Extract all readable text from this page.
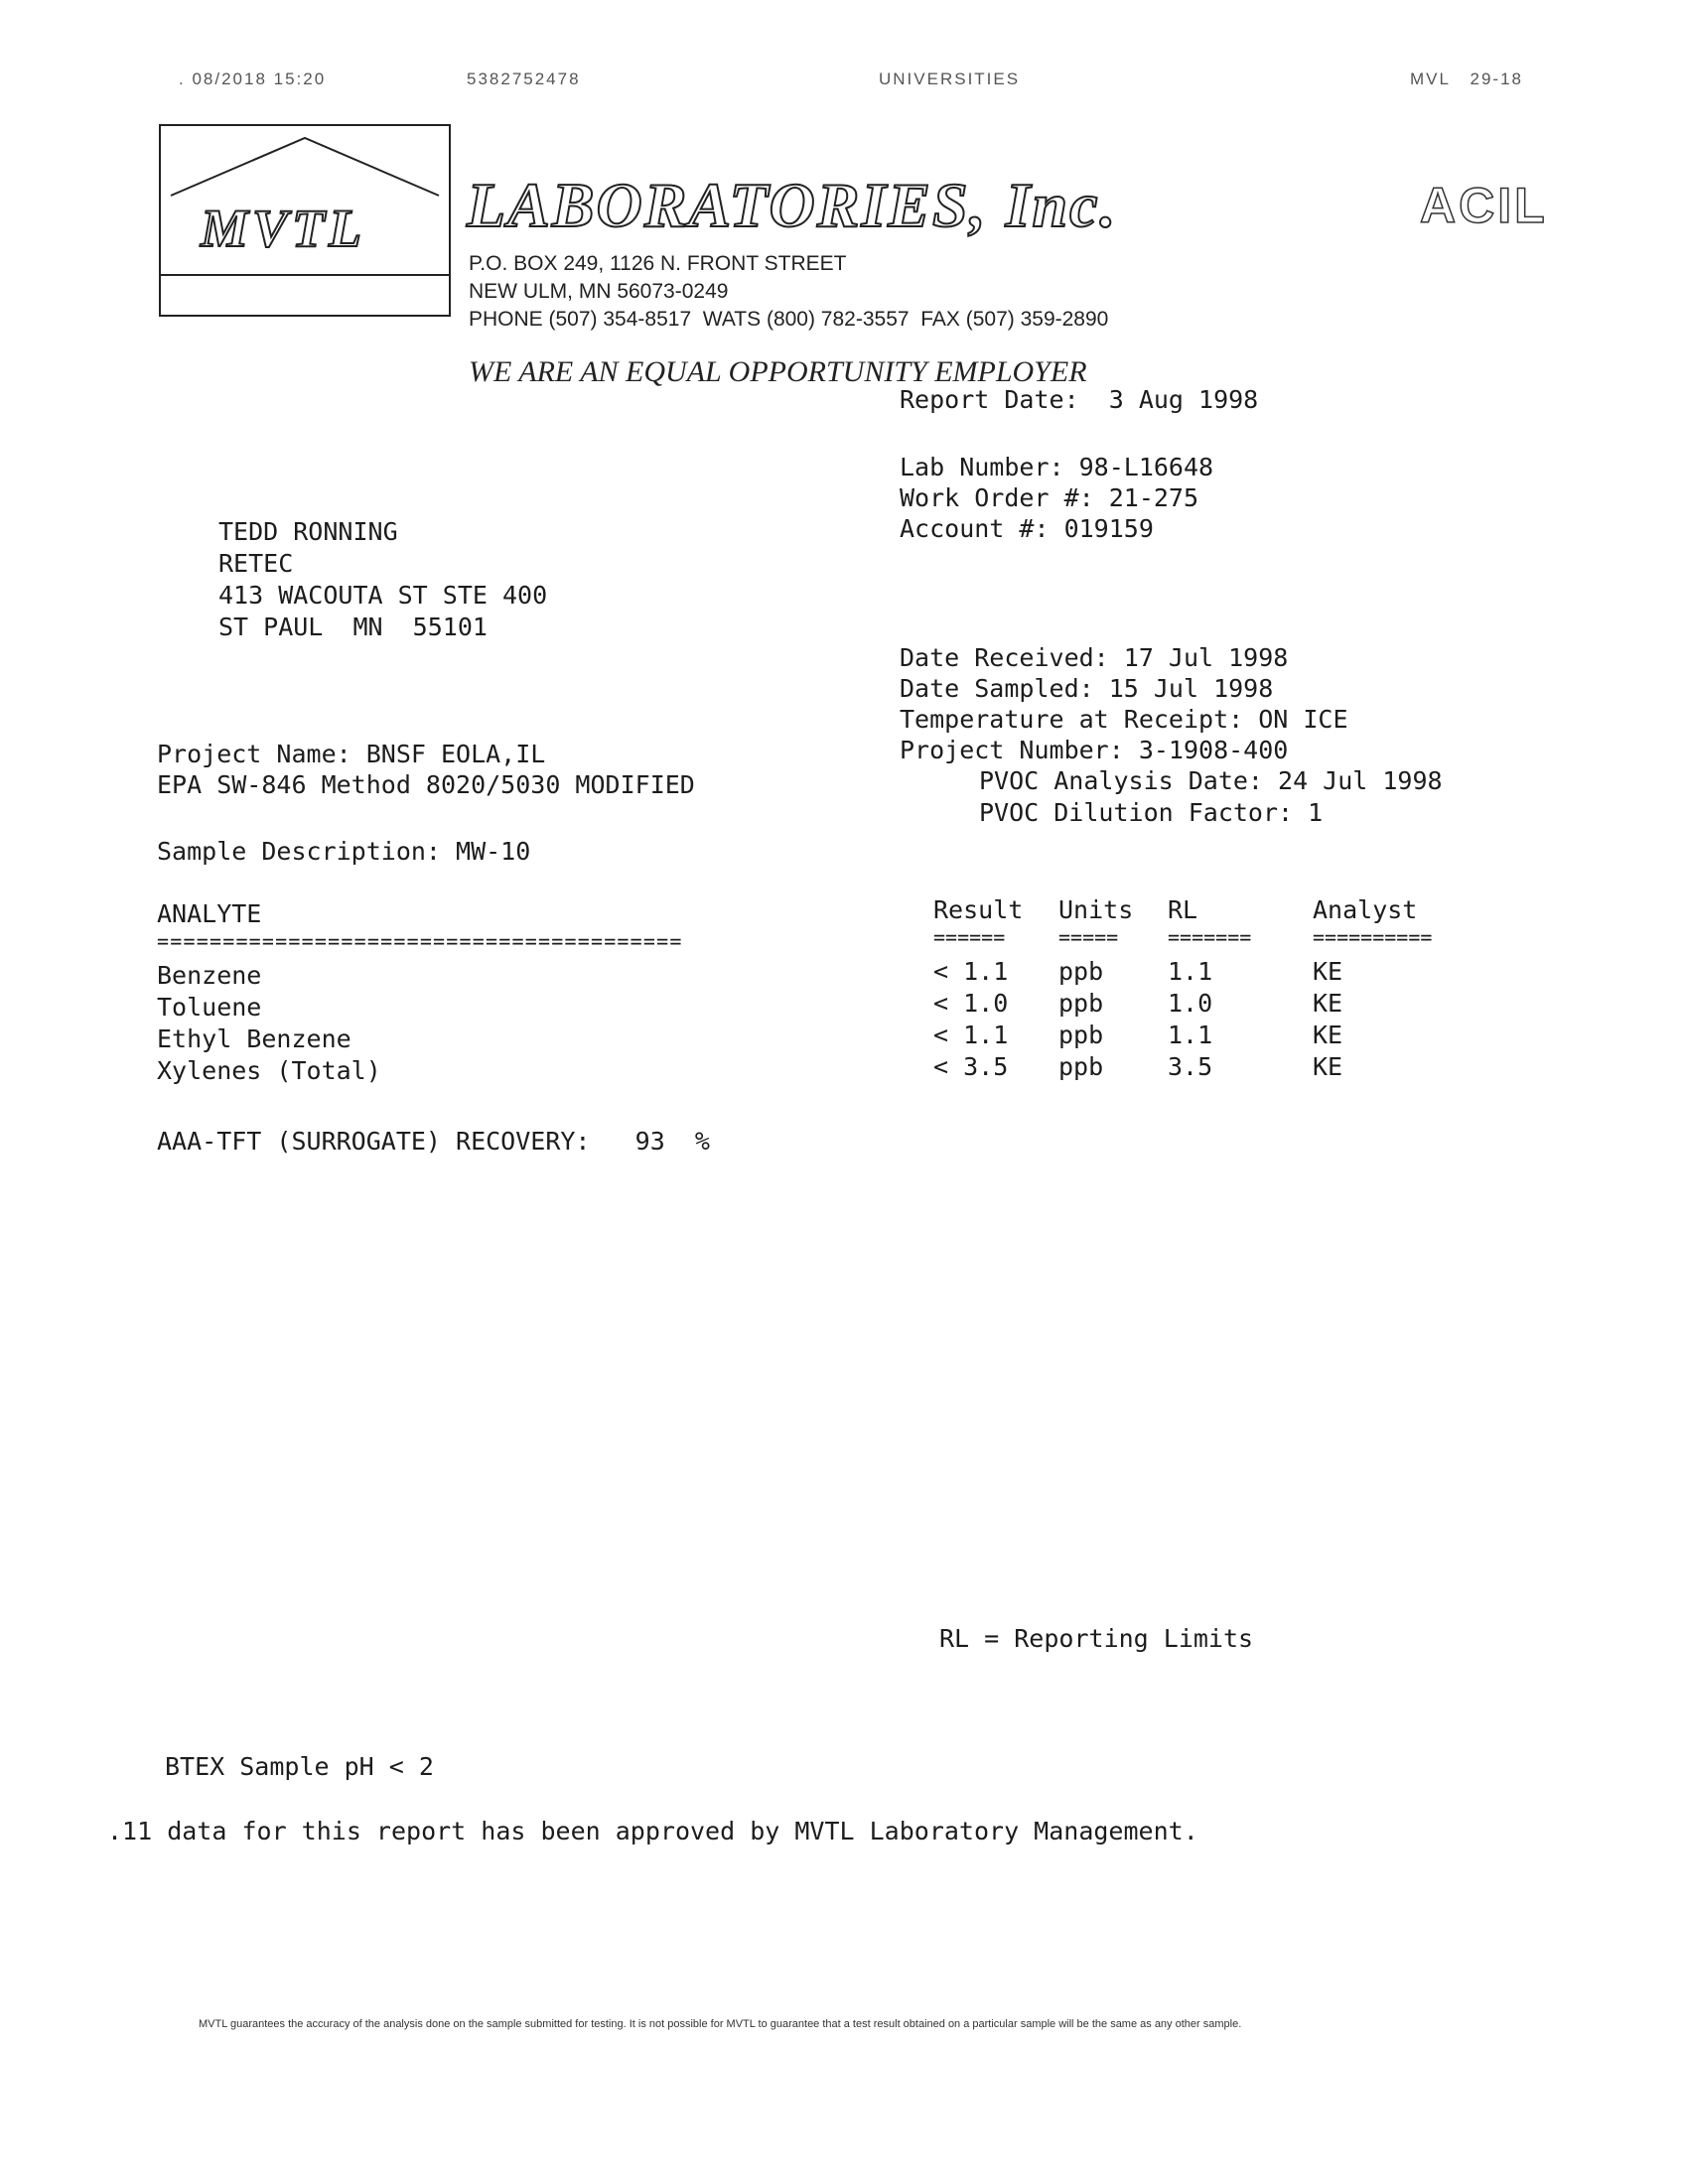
. 08/2018 15:20	5382752478	UNIVERSITIES	MVL   29-18
MVTL LABORATORIES, Inc.
P.O. BOX 249, 1126 N. FRONT STREET
NEW ULM, MN 56073-0249
PHONE (507) 354-8517  WATS (800) 782-3557  FAX (507) 359-2890
WE ARE AN EQUAL OPPORTUNITY EMPLOYER
ACIL
Report Date:  3 Aug 1998
Lab Number: 98-L16648
Work Order #: 21-275
Account #: 019159
TEDD RONNING
RETEC
413 WACOUTA ST STE 400
ST PAUL  MN  55101
Date Received: 17 Jul 1998
Date Sampled: 15 Jul 1998
Temperature at Receipt: ON ICE
Project Number: 3-1908-400
PVOC Analysis Date: 24 Jul 1998
PVOC Dilution Factor: 1
Project Name: BNSF EOLA,IL
EPA SW-846 Method 8020/5030 MODIFIED
Sample Description: MW-10
ANALYTE	Result Units RL	Analyst
========================================	======	===== =======	==========
Benzene	< 1.1 ppb	1.1	KE
Toluene	< 1.0 ppb	1.0	KE
Ethyl Benzene	< 1.1 ppb	1.1	KE
Xylenes (Total)	< 3.5 ppb	3.5	KE
AAA-TFT (SURROGATE) RECOVERY:   93  %
RL = Reporting Limits
BTEX Sample pH < 2
.11 data for this report has been approved by MVTL Laboratory Management.
MVTL guarantees the accuracy of the analysis done on the sample submitted for testing. It is not possible for MVTL to guarantee that a test result obtained on a particular sample will be the same as any other sample.
